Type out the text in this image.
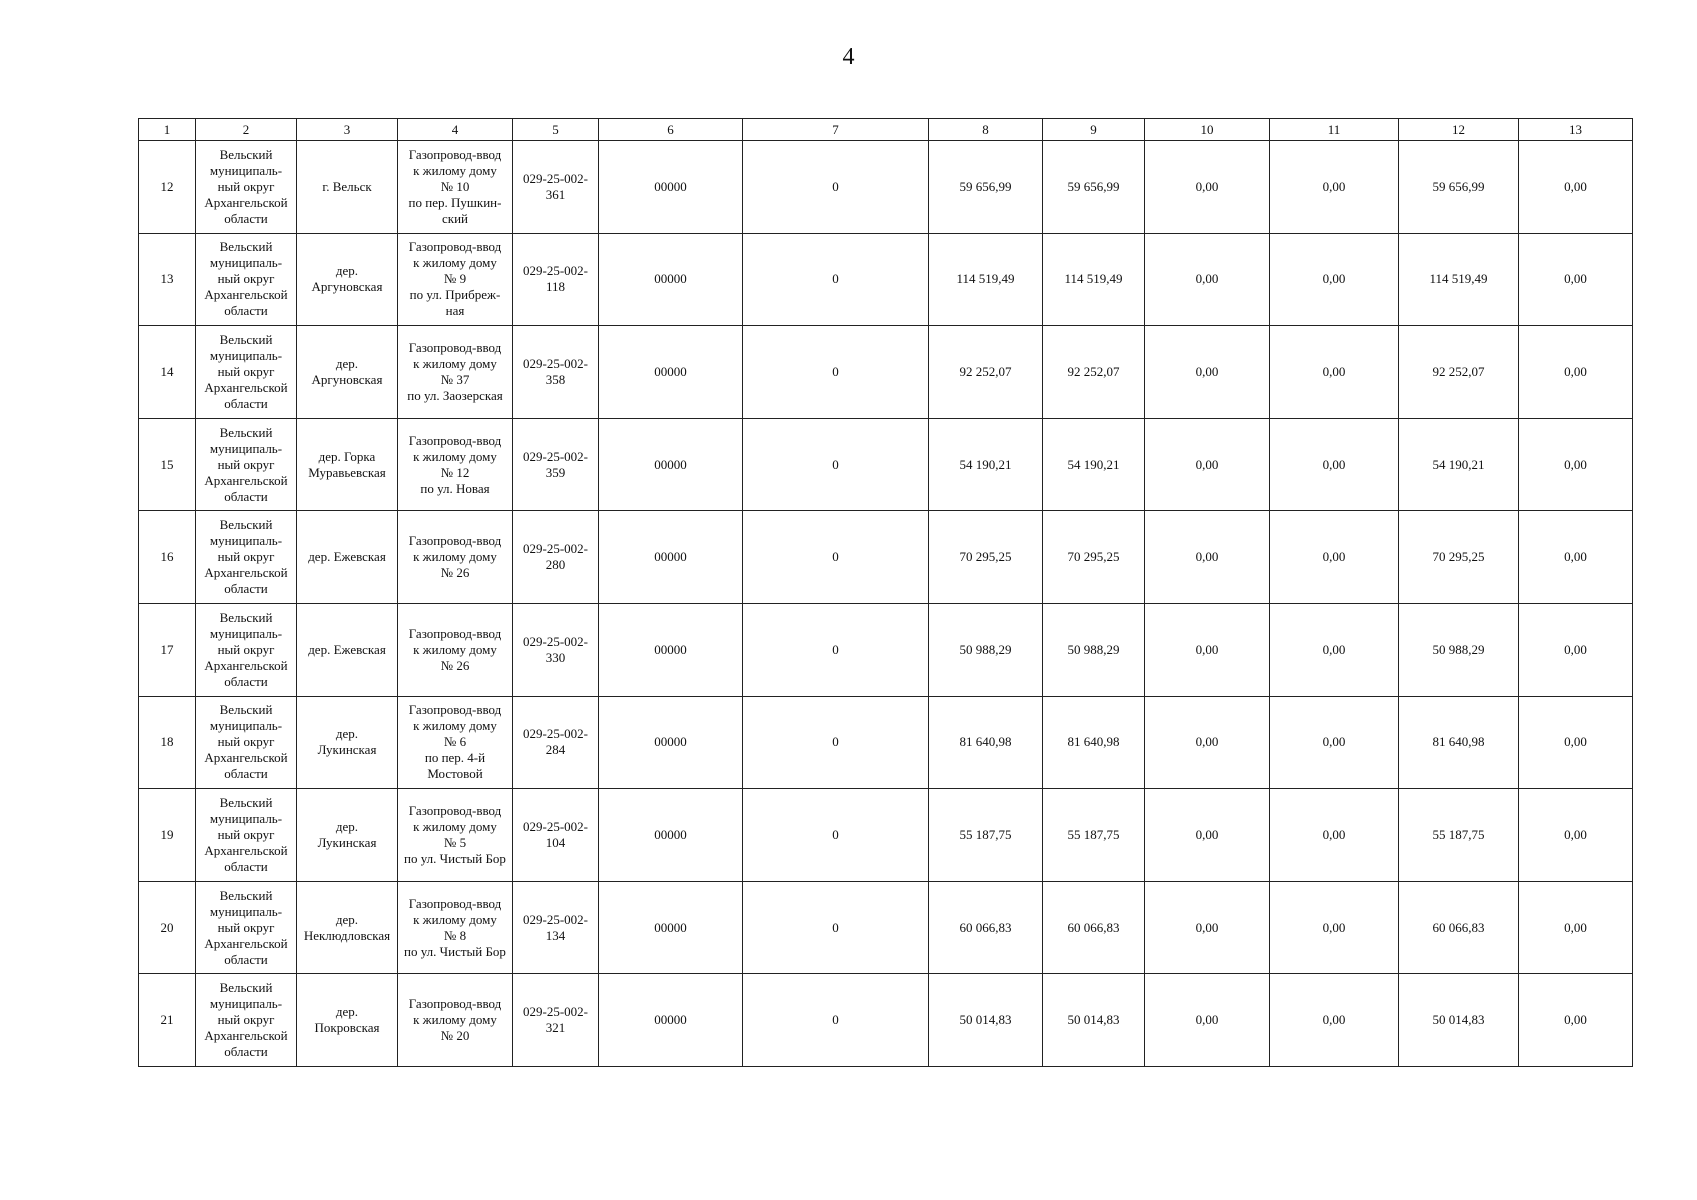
4
1	2	3	4	5	6	7	8	9	10	11	12	13
12	Вельский
муниципаль-
ный округ
Архангельской
области	г. Вельск	Газопровод-ввод
к жилому дому
№ 10
по пер. Пушкин-
ский	029-25-002-
361	00000	0	59 656,99	59 656,99	0,00	0,00	59 656,99	0,00
13	Вельский
муниципаль-
ный округ
Архангельской
области	дер.
Аргуновская	Газопровод-ввод
к жилому дому
№ 9
по ул. Прибреж-
ная	029-25-002-
118	00000	0	114 519,49	114 519,49	0,00	0,00	114 519,49	0,00
14	Вельский
муниципаль-
ный округ
Архангельской
области	дер.
Аргуновская	Газопровод-ввод
к жилому дому
№ 37
по ул. Заозерская	029-25-002-
358	00000	0	92 252,07	92 252,07	0,00	0,00	92 252,07	0,00
15	Вельский
муниципаль-
ный округ
Архангельской
области	дер. Горка
Муравьевская	Газопровод-ввод
к жилому дому
№ 12
по ул. Новая	029-25-002-
359	00000	0	54 190,21	54 190,21	0,00	0,00	54 190,21	0,00
16	Вельский
муниципаль-
ный округ
Архангельской
области	дер. Ежевская	Газопровод-ввод
к жилому дому
№ 26	029-25-002-
280	00000	0	70 295,25	70 295,25	0,00	0,00	70 295,25	0,00
17	Вельский
муниципаль-
ный округ
Архангельской
области	дер. Ежевская	Газопровод-ввод
к жилому дому
№ 26	029-25-002-
330	00000	0	50 988,29	50 988,29	0,00	0,00	50 988,29	0,00
18	Вельский
муниципаль-
ный округ
Архангельской
области	дер.
Лукинская	Газопровод-ввод
к жилому дому
№ 6
по пер. 4-й
Мостовой	029-25-002-
284	00000	0	81 640,98	81 640,98	0,00	0,00	81 640,98	0,00
19	Вельский
муниципаль-
ный округ
Архангельской
области	дер.
Лукинская	Газопровод-ввод
к жилому дому
№ 5
по ул. Чистый Бор	029-25-002-
104	00000	0	55 187,75	55 187,75	0,00	0,00	55 187,75	0,00
20	Вельский
муниципаль-
ный округ
Архангельской
области	дер.
Неклюдловская	Газопровод-ввод
к жилому дому
№ 8
по ул. Чистый Бор	029-25-002-
134	00000	0	60 066,83	60 066,83	0,00	0,00	60 066,83	0,00
21	Вельский
муниципаль-
ный округ
Архангельской
области	дер.
Покровская	Газопровод-ввод
к жилому дому
№ 20	029-25-002-
321	00000	0	50 014,83	50 014,83	0,00	0,00	50 014,83	0,00
